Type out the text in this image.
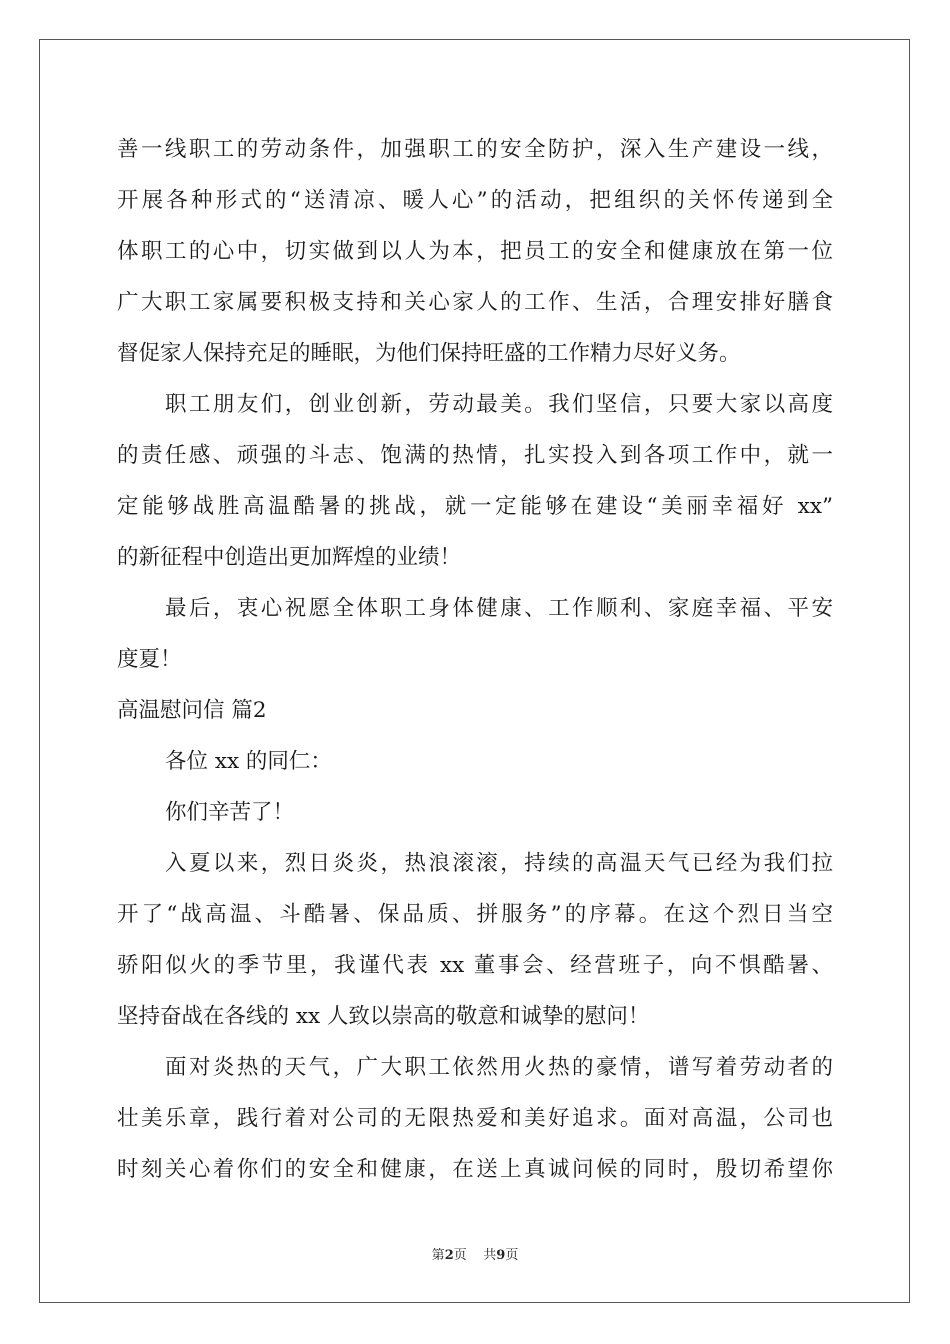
善一线职工的劳动条件，加强职工的安全防护，深入生产建设一线，
开展各种形式的“送清凉、暖人心”的活动，把组织的关怀传递到全
体职工的心中，切实做到以人为本，把员工的安全和健康放在第一位
广大职工家属要积极支持和关心家人的工作、生活，合理安排好膳食
督促家人保持充足的睡眠，为他们保持旺盛的工作精力尽好义务。
职工朋友们，创业创新，劳动最美。我们坚信，只要大家以高度
的责任感、顽强的斗志、饱满的热情，扎实投入到各项工作中，就一
定能够战胜高温酷暑的挑战，就一定能够在建设“美丽幸福好 xx”
的新征程中创造出更加辉煌的业绩！
最后，衷心祝愿全体职工身体健康、工作顺利、家庭幸福、平安
度夏！
高温慰问信 篇2
各位 xx 的同仁：
你们辛苦了！
入夏以来，烈日炎炎，热浪滚滚，持续的高温天气已经为我们拉
开了“战高温、斗酷暑、保品质、拼服务”的序幕。在这个烈日当空
骄阳似火的季节里，我谨代表 xx 董事会、经营班子，向不惧酷暑、
坚持奋战在各线的 xx 人致以崇高的敬意和诚挚的慰问！
面对炎热的天气，广大职工依然用火热的豪情，谱写着劳动者的
壮美乐章，践行着对公司的无限热爱和美好追求。面对高温，公司也
时刻关心着你们的安全和健康，在送上真诚问候的同时，殷切希望你
第2页    共9页
